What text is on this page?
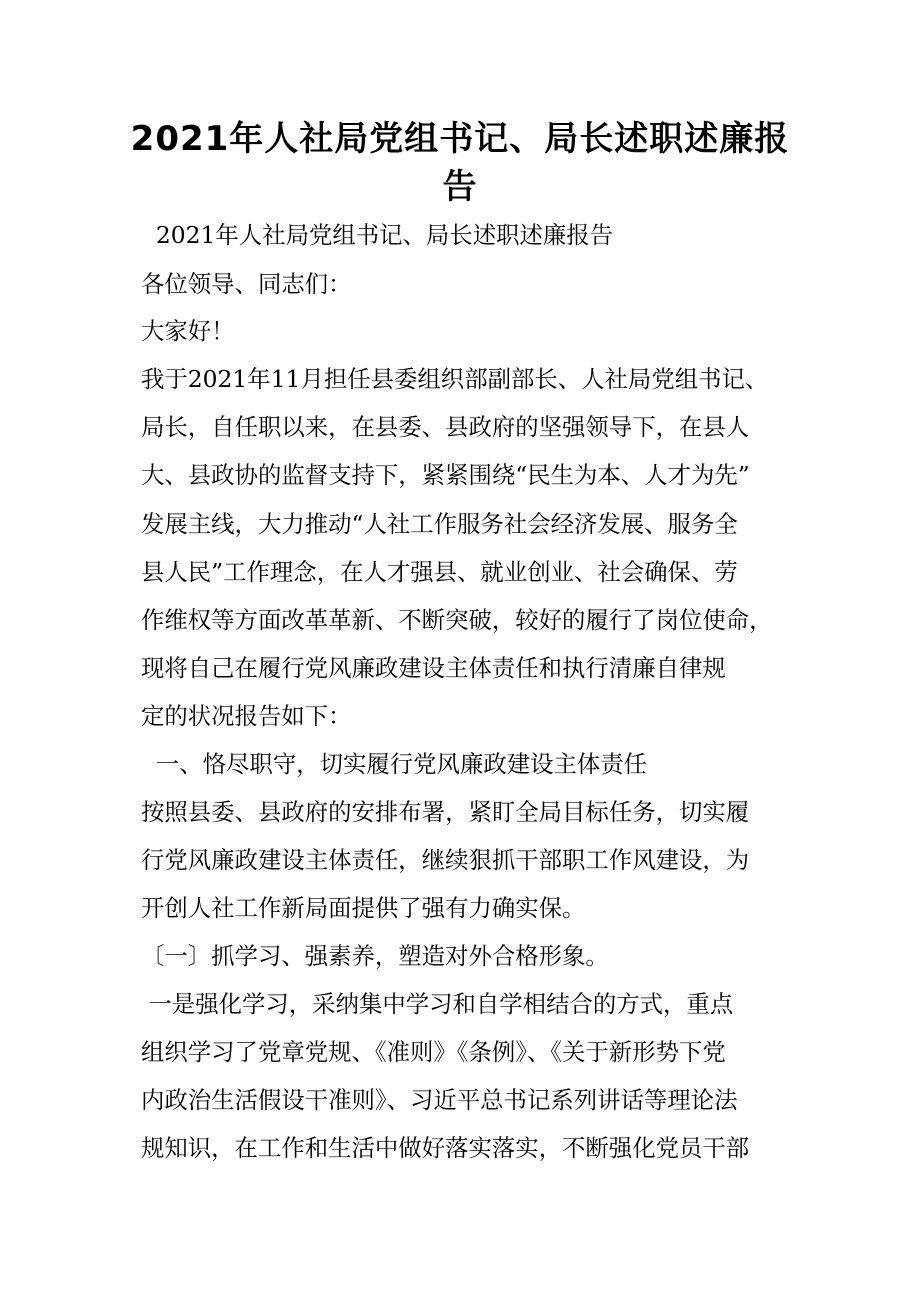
2021年人社局党组书记、局长述职述廉报
告

2021年人社局党组书记、局长述职述廉报告

各位领导、同志们：

大家好！

我于2021年11月担任县委组织部副部长、人社局党组书记、

局长，自任职以来，在县委、县政府的坚强领导下，在县人

大、县政协的监督支持下，紧紧围绕“民生为本、人才为先”

发展主线，大力推动“人社工作服务社会经济发展、服务全

县人民”工作理念，在人才强县、就业创业、社会确保、劳

作维权等方面改革革新、不断突破，较好的履行了岗位使命，

现将自己在履行党风廉政建设主体责任和执行清廉自律规

定的状况报告如下：

一、恪尽职守，切实履行党风廉政建设主体责任

按照县委、县政府的安排布署，紧盯全局目标任务，切实履

行党风廉政建设主体责任，继续狠抓干部职工作风建设，为

开创人社工作新局面提供了强有力确实保。

〔一〕抓学习、强素养，塑造对外合格形象。

一是强化学习，采纳集中学习和自学相结合的方式，重点

组织学习了党章党规、《准则》《条例》、《关于新形势下党

内政治生活假设干准则》、习近平总书记系列讲话等理论法

规知识，在工作和生活中做好落实落实，不断强化党员干部
